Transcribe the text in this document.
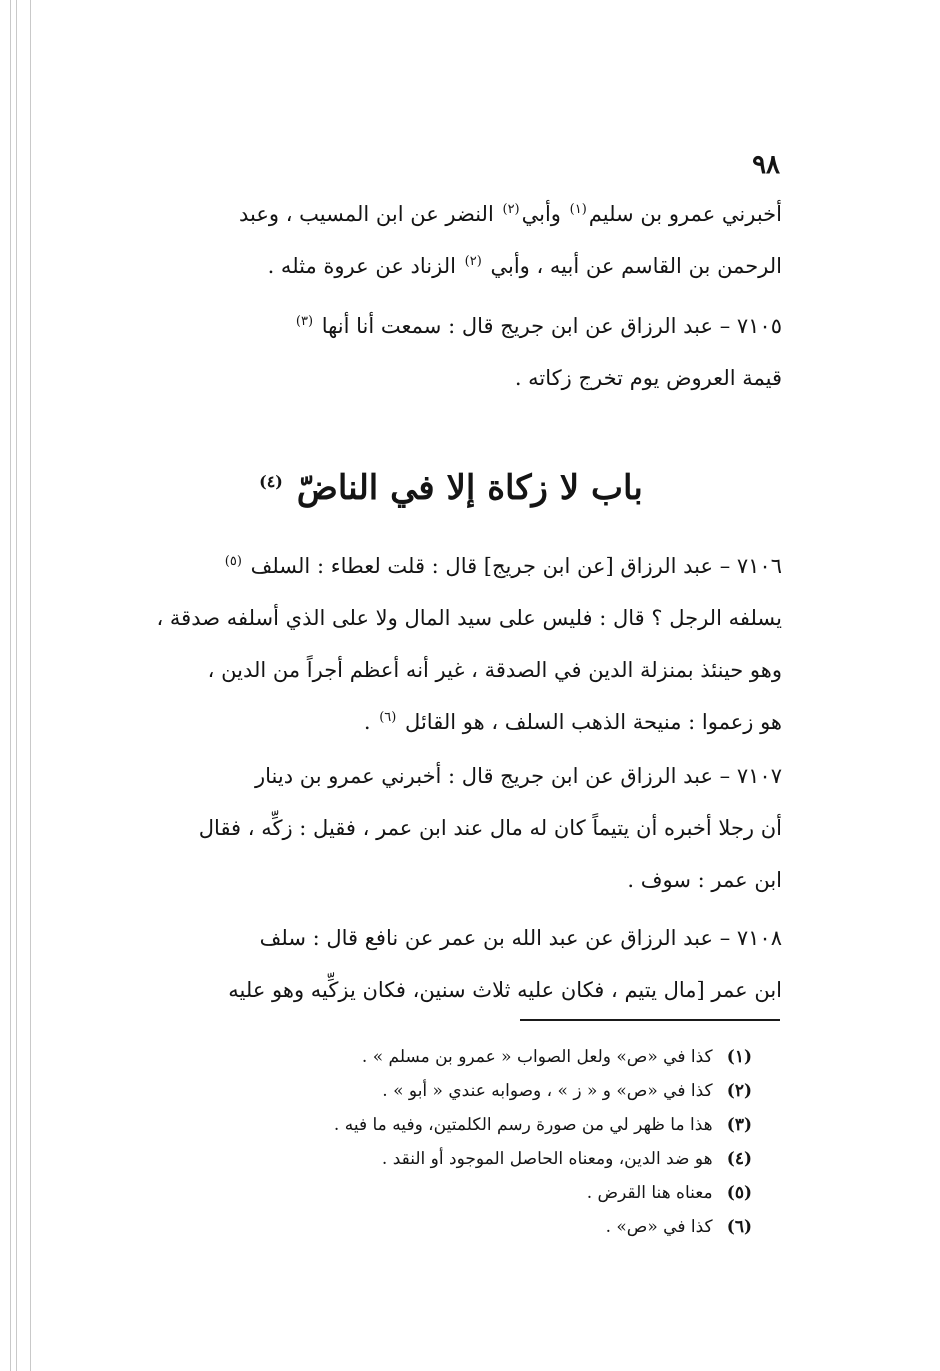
٩٨

أخبرني عمرو بن سليم$^{(١)}$ وأبي$^{(٢)}$ النضر عن ابن المسيب ، وعبد

الرحمن بن القاسم عن أبيه ، وأبي $^{(٢)}$ الزناد عن عروة مثله .

٧١٠٥ – عبد الرزاق عن ابن جريج قال : سمعت أنا أنها $^{(٣)}$

قيمة العروض يوم تخرج زكاته .

باب لا زكاة إلا في الناضّ $^{(٤)}$

٧١٠٦ – عبد الرزاق [عن ابن جريج] قال : قلت لعطاء : السلف $^{(٥)}$

يسلفه الرجل ؟ قال : فليس على سيد المال ولا على الذي أسلفه صدقة ،

وهو حينئذ بمنزلة الدين في الصدقة ، غير أنه أعظم أجراً من الدين ،

هو زعموا : منيحة الذهب السلف ، هو القائل $^{(٦)}$ .

٧١٠٧ – عبد الرزاق عن ابن جريج قال : أخبرني عمرو بن دينار

أن رجلا أخبره أن يتيماً كان له مال عند ابن عمر ، فقيل : زكِّه ، فقال

ابن عمر : سوف .

٧١٠٨ – عبد الرزاق عن عبد الله بن عمر عن نافع قال : سلف

ابن عمر [مال يتيم ، فكان عليه ثلاث سنين، فكان يزكِّيه وهو عليه

(١) كذا في «ص» ولعل الصواب « عمرو بن مسلم » .

(٢) كذا في «ص» و « ز » ، وصوابه عندي « أبو » .

(٣) هذا ما ظهر لي من صورة رسم الكلمتين، وفيه ما فيه .

(٤) هو ضد الدين، ومعناه الحاصل الموجود أو النقد .

(٥) معناه هنا القرض .

(٦) كذا في «ص» .
